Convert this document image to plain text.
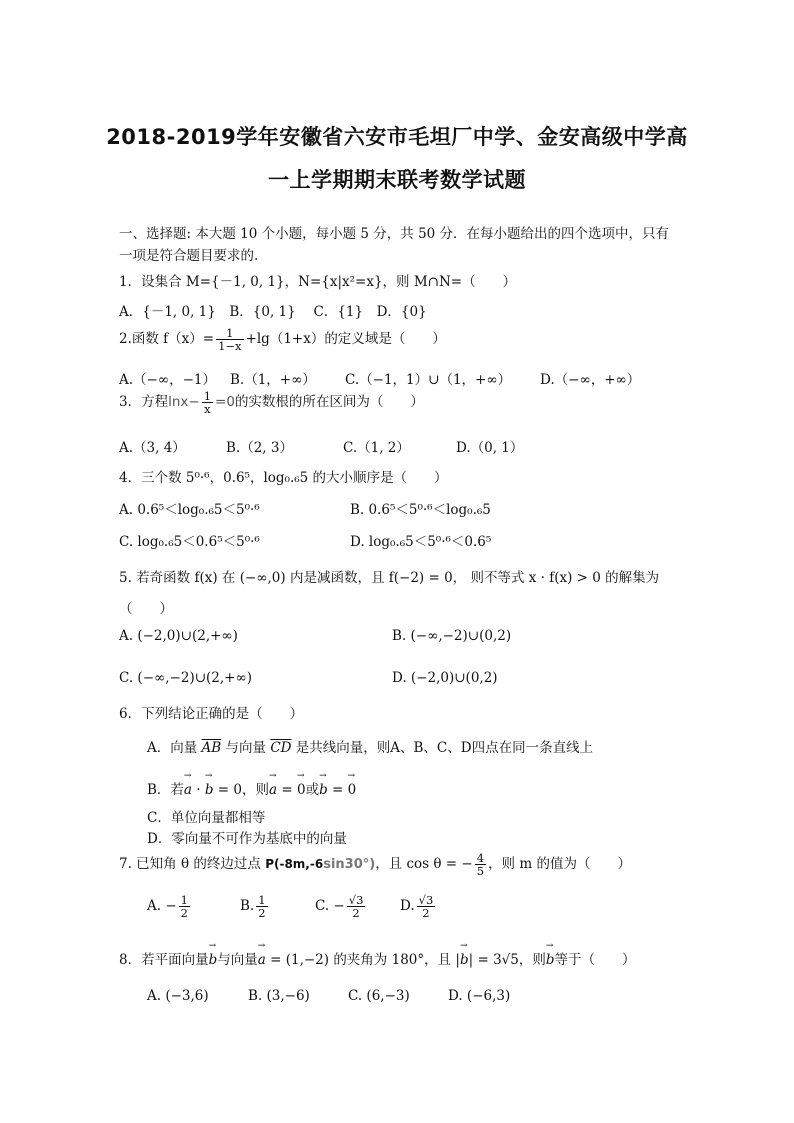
2018-2019学年安徽省六安市毛坦厂中学、金安高级中学高
一上学期期末联考数学试题
一、选择题: 本大题 10 个小题，每小题 5 分，共 50 分．在每小题给出的四个选项中，只有
一项是符合题目要求的.
1．设集合 M={－1, 0, 1}，N={x|x²=x}，则 M∩N=（　　）
A．{－1, 0, 1}　B．{0, 1}　 C．{1}　D．{0}
2.函数 $f(x)= \frac{1}{1-x} +\lg(1+x)$的定义域是（　　）
A.（−∞，−1） B.（1，+∞） C.（−1，1）∪（1，+∞） D.（−∞，+∞）
3．方程$\ln x- \frac{1}{x} =0$的实数根的所在区间为（　　）
A.（3, 4）	B.（2, 3）	C.（1, 2）	D.（0, 1）
4．三个数 5⁰·⁶，0.6⁵，log₀.₆5 的大小顺序是（　　）
A. 0.6⁵＜log₀.₆5＜5⁰·⁶	B. 0.6⁵＜5⁰·⁶＜log₀.₆5
C. log₀.₆5＜0.6⁵＜5⁰·⁶	D. log₀.₆5＜5⁰·⁶＜0.6⁵
5. 若奇函数 f(x) 在 (−∞,0) 内是减函数，且 f(−2) = 0， 则不等式 x · f(x) > 0 的解集为
（　　）
A. (−2,0)∪(2,+∞)	B. (−∞,−2)∪(0,2)
C. (−∞,−2)∪(2,+∞)	D. (−2,0)∪(0,2)
6．下列结论正确的是（　　）
A．向量 $\overline{AB}$ 与向量 $\overline{CD}$ 是共线向量，则A、B、C、D四点在同一条直线上
B．若→ a · → b = 0，则→ a = → 0或→ b = → 0
C．单位向量都相等
D．零向量不可作为基底中的向量
7. 已知角 θ 的终边过点 P(-8m,-6sin30°)，且 cos θ = − $\frac{4}{5}$ ，则 m 的值为（　　）
A. − $\frac{1}{2}$	B. $\frac{1}{2}$	C. − $\frac{√3}{2}$	D. $\frac{√3}{2}$
8．若平面向量→ b与向量→ a = (1,−2) 的夹角为 180°，且 |→ b| = 3√5，则→ b等于（　　）
A. (−3,6)	B. (3,−6)	C. (6,−3)	D. (−6,3)
